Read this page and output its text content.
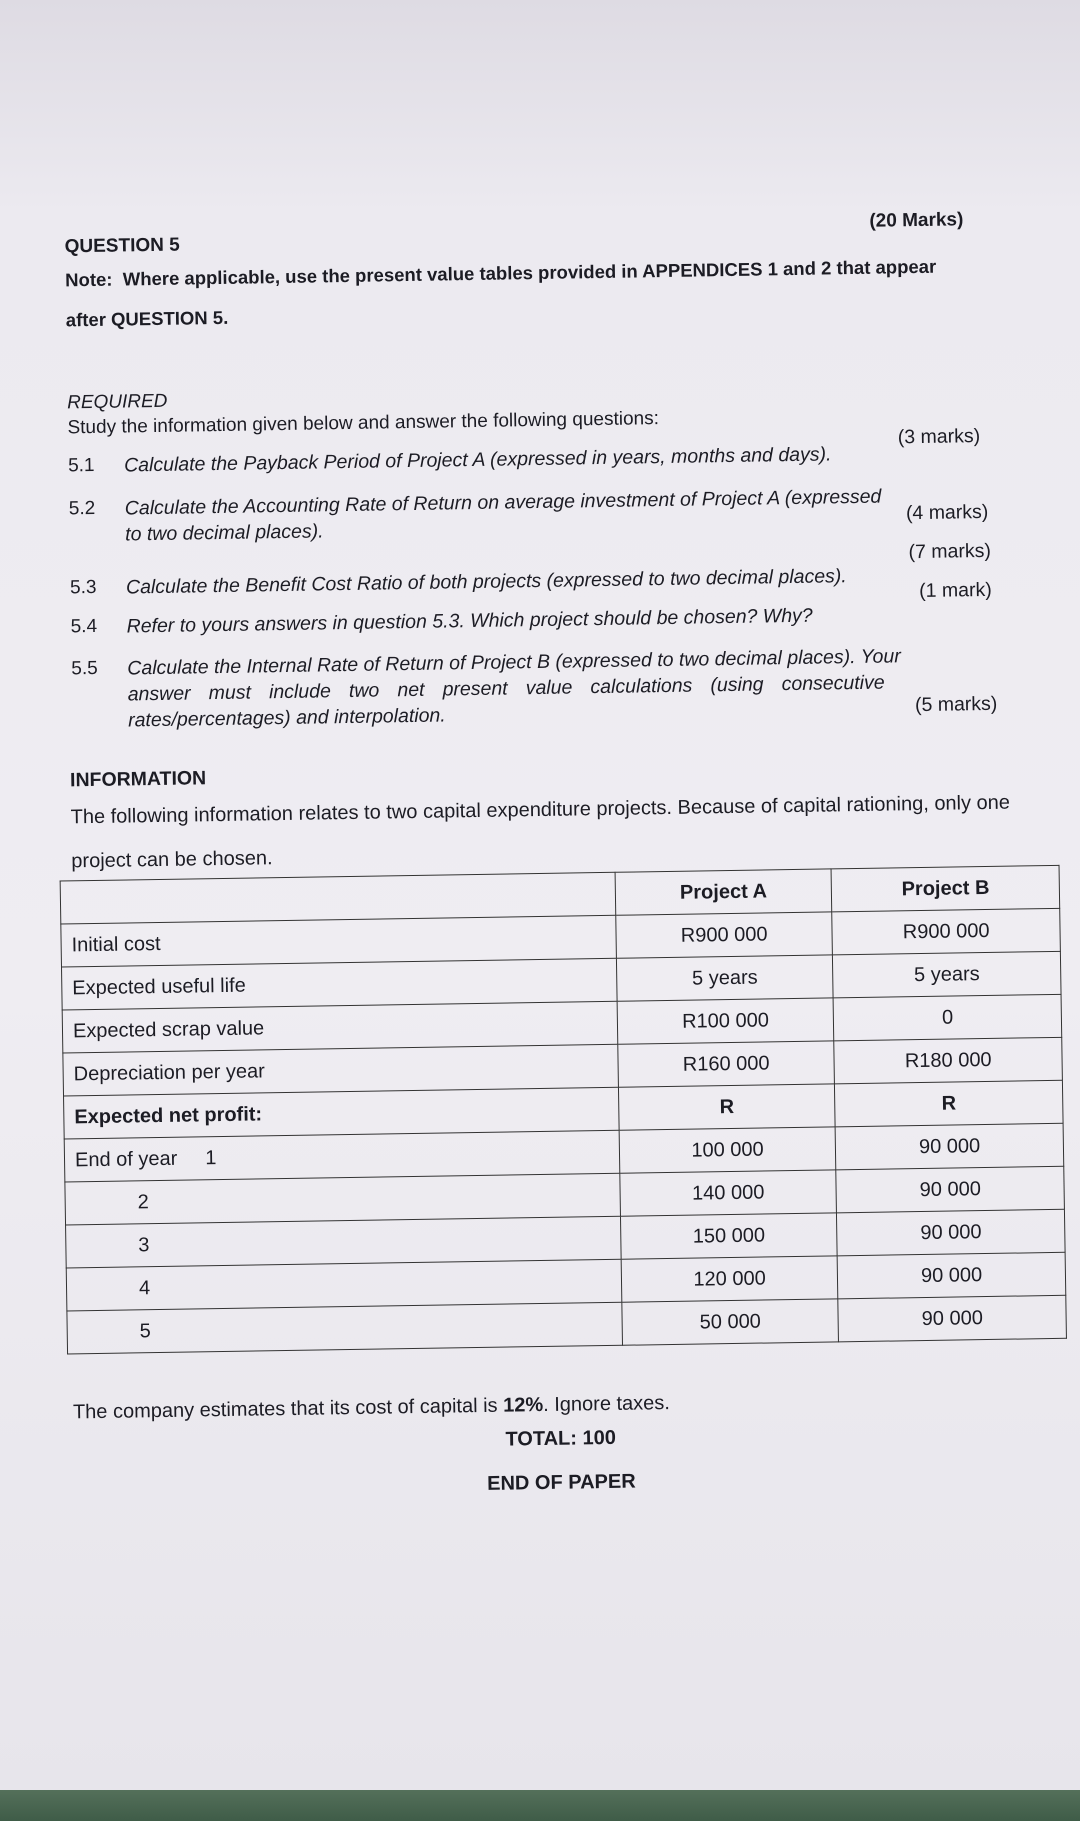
QUESTION 5
(20 Marks)
Note: Where applicable, use the present value tables provided in APPENDICES 1 and 2 that appear
after QUESTION 5.
REQUIRED
Study the information given below and answer the following questions:
5.1 Calculate the Payback Period of Project A (expressed in years, months and days).
(3 marks)
5.2 Calculate the Accounting Rate of Return on average investment of Project A (expressed
to two decimal places).
(4 marks)
5.3 Calculate the Benefit Cost Ratio of both projects (expressed to two decimal places).
(7 marks)
5.4 Refer to yours answers in question 5.3. Which project should be chosen? Why?
(1 mark)
5.5 Calculate the Internal Rate of Return of Project B (expressed to two decimal places). Your
answer must include two net present value calculations (using consecutive
rates/percentages) and interpolation.
(5 marks)
INFORMATION
The following information relates to two capital expenditure projects. Because of capital rationing, only one
project can be chosen.
	Project A	Project B
Initial cost	R900 000	R900 000
Expected useful life	5 years	5 years
Expected scrap value	R100 000	0
Depreciation per year	R160 000	R180 000
Expected net profit:	R	R
End of year 1	100 000	90 000
2	140 000	90 000
3	150 000	90 000
4	120 000	90 000
5	50 000	90 000
The company estimates that its cost of capital is 12%. Ignore taxes.
TOTAL: 100
END OF PAPER
